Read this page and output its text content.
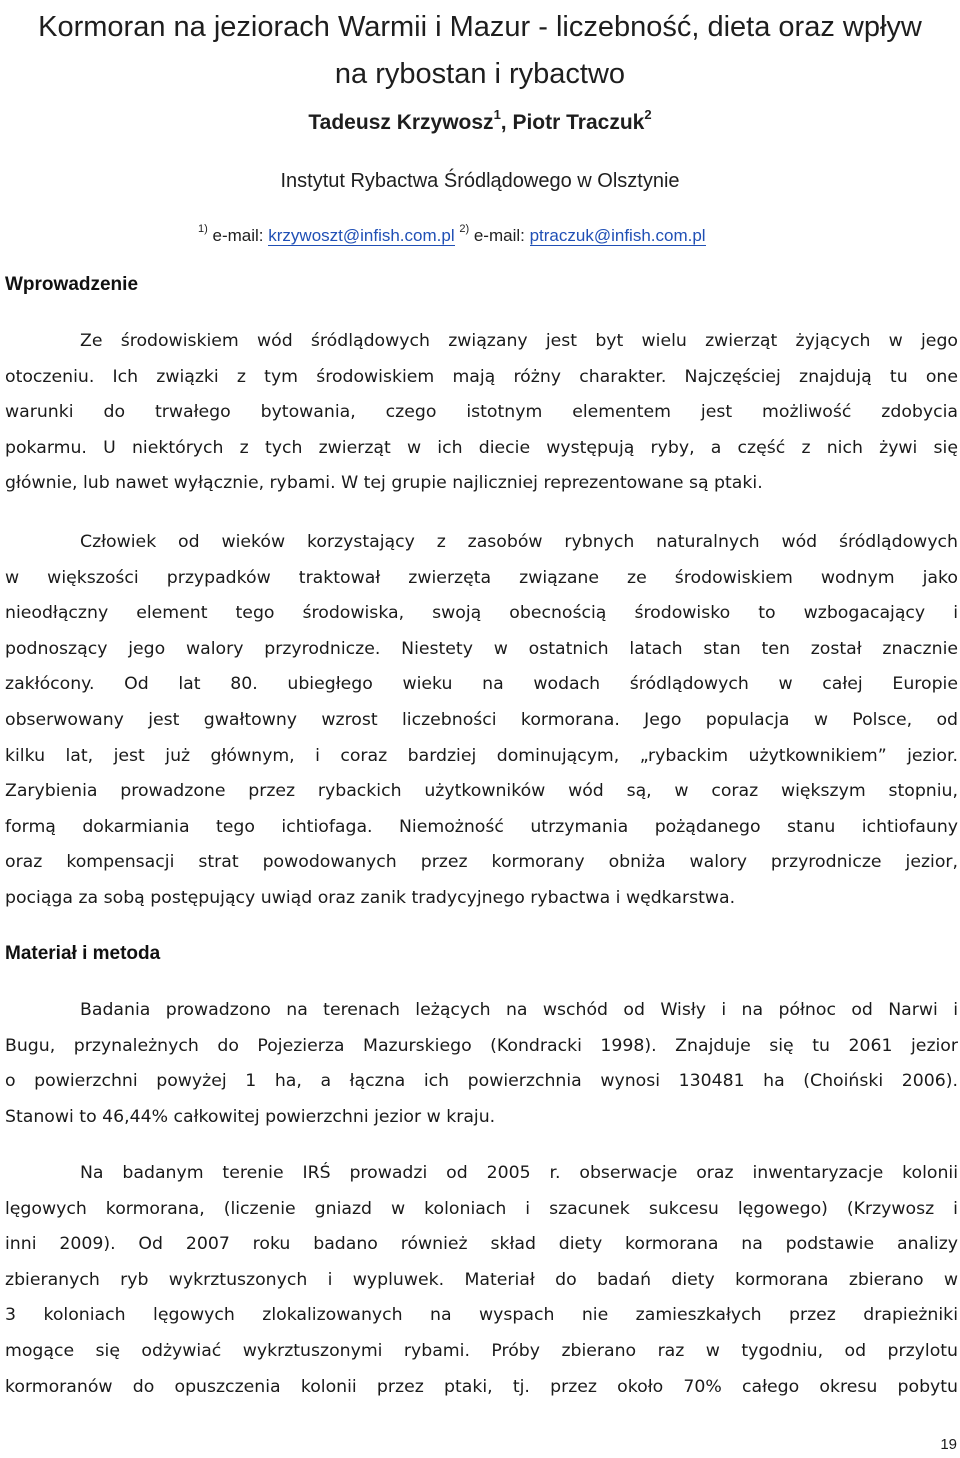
Kormoran na jeziorach Warmii i Mazur - liczebność, dieta oraz wpływ
na rybostan i rybactwo
Tadeusz Krzywosz$^1$, Piotr Traczuk$^2$
Instytut Rybactwa Śródlądowego w Olsztynie
$^{1)}$ e-mail: krzywoszt@infish.com.pl $^{2)}$ e-mail: ptraczuk@infish.com.pl
Wprowadzenie
Ze środowiskiem wód śródlądowych związany jest byt wielu zwierząt żyjących w jego
otoczeniu. Ich związki z tym środowiskiem mają różny charakter. Najczęściej znajdują tu one
warunki do trwałego bytowania, czego istotnym elementem jest możliwość zdobycia
pokarmu. U niektórych z tych zwierząt w ich diecie występują ryby, a część z nich żywi się
głównie, lub nawet wyłącznie, rybami. W tej grupie najliczniej reprezentowane są ptaki.
Człowiek od wieków korzystający z zasobów rybnych naturalnych wód śródlądowych
w większości przypadków traktował zwierzęta związane ze środowiskiem wodnym jako
nieodłączny element tego środowiska, swoją obecnością środowisko to wzbogacający i
podnoszący jego walory przyrodnicze. Niestety w ostatnich latach stan ten został znacznie
zakłócony. Od lat 80. ubiegłego wieku na wodach śródlądowych w całej Europie
obserwowany jest gwałtowny wzrost liczebności kormorana. Jego populacja w Polsce, od
kilku lat, jest już głównym, i coraz bardziej dominującym, „rybackim użytkownikiem” jezior.
Zarybienia prowadzone przez rybackich użytkowników wód są, w coraz większym stopniu,
formą dokarmiania tego ichtiofaga. Niemożność utrzymania pożądanego stanu ichtiofauny
oraz kompensacji strat powodowanych przez kormorany obniża walory przyrodnicze jezior,
pociąga za sobą postępujący uwiąd oraz zanik tradycyjnego rybactwa i wędkarstwa.
Materiał i metoda
Badania prowadzono na terenach leżących na wschód od Wisły i na północ od Narwi i
Bugu, przynależnych do Pojezierza Mazurskiego (Kondracki 1998). Znajduje się tu 2061 jezior
o powierzchni powyżej 1 ha, a łączna ich powierzchnia wynosi 130481 ha (Choiński 2006).
Stanowi to 46,44% całkowitej powierzchni jezior w kraju.
Na badanym terenie IRŚ prowadzi od 2005 r. obserwacje oraz inwentaryzacje kolonii
lęgowych kormorana, (liczenie gniazd w koloniach i szacunek sukcesu lęgowego) (Krzywosz i
inni 2009). Od 2007 roku badano również skład diety kormorana na podstawie analizy
zbieranych ryb wykrztuszonych i wypluwek. Materiał do badań diety kormorana zbierano w
3 koloniach lęgowych zlokalizowanych na wyspach nie zamieszkałych przez drapieżniki
mogące się odżywiać wykrztuszonymi rybami. Próby zbierano raz w tygodniu, od przylotu
kormoranów do opuszczenia kolonii przez ptaki, tj. przez około 70% całego okresu pobytu
19
